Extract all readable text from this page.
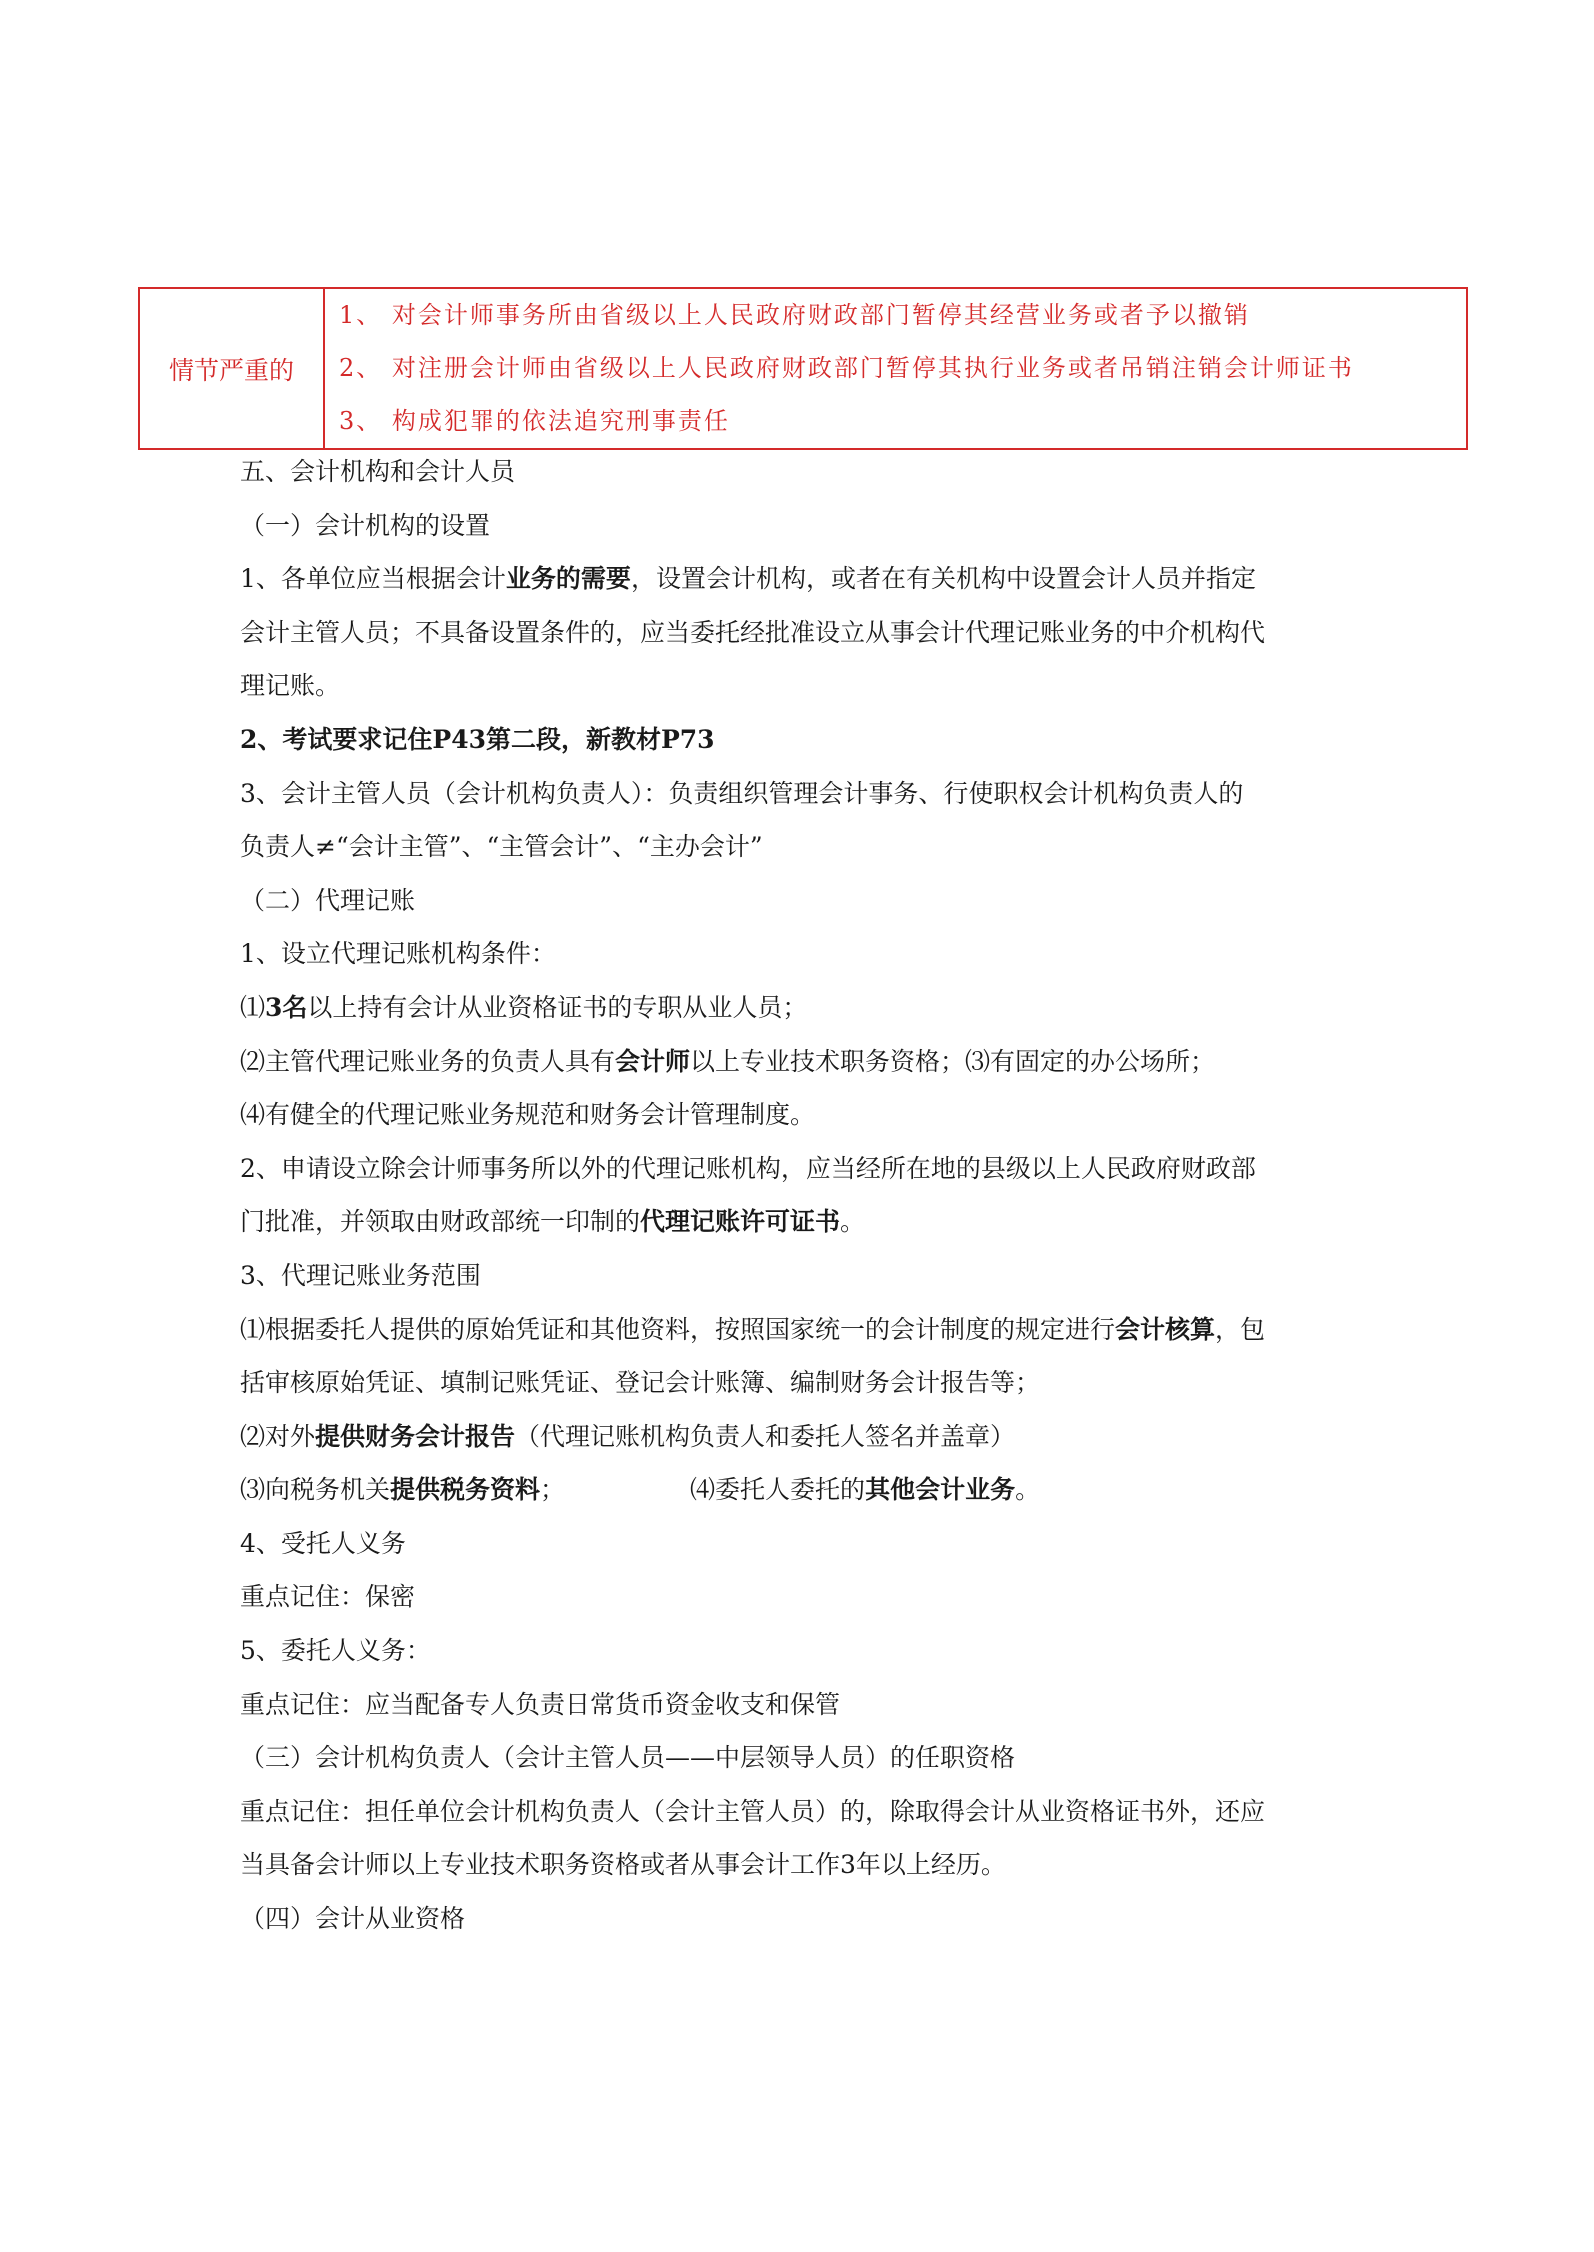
情节严重的
1、 对会计师事务所由省级以上人民政府财政部门暂停其经营业务或者予以撤销
2、 对注册会计师由省级以上人民政府财政部门暂停其执行业务或者吊销注销会计师证书
3、 构成犯罪的依法追究刑事责任
五、会计机构和会计人员
（一）会计机构的设置
1、各单位应当根据会计业务的需要，设置会计机构，或者在有关机构中设置会计人员并指定
会计主管人员；不具备设置条件的，应当委托经批准设立从事会计代理记账业务的中介机构代
理记账。
2、考试要求记住P43第二段，新教材P73
3、会计主管人员（会计机构负责人）：负责组织管理会计事务、行使职权会计机构负责人的
负责人≠“会计主管”、“主管会计”、“主办会计”
（二）代理记账
1、设立代理记账机构条件：
⑴3名以上持有会计从业资格证书的专职从业人员；
⑵主管代理记账业务的负责人具有会计师以上专业技术职务资格；⑶有固定的办公场所；
⑷有健全的代理记账业务规范和财务会计管理制度。
2、申请设立除会计师事务所以外的代理记账机构，应当经所在地的县级以上人民政府财政部
门批准，并领取由财政部统一印制的代理记账许可证书。
3、代理记账业务范围
⑴根据委托人提供的原始凭证和其他资料，按照国家统一的会计制度的规定进行会计核算，包
括审核原始凭证、填制记账凭证、登记会计账簿、编制财务会计报告等；
⑵对外提供财务会计报告（代理记账机构负责人和委托人签名并盖章）
⑶向税务机关提供税务资料；	⑷委托人委托的其他会计业务。
4、受托人义务
重点记住：保密
5、委托人义务：
重点记住：应当配备专人负责日常货币资金收支和保管
（三）会计机构负责人（会计主管人员——中层领导人员）的任职资格
重点记住：担任单位会计机构负责人（会计主管人员）的，除取得会计从业资格证书外，还应
当具备会计师以上专业技术职务资格或者从事会计工作3年以上经历。
（四）会计从业资格
